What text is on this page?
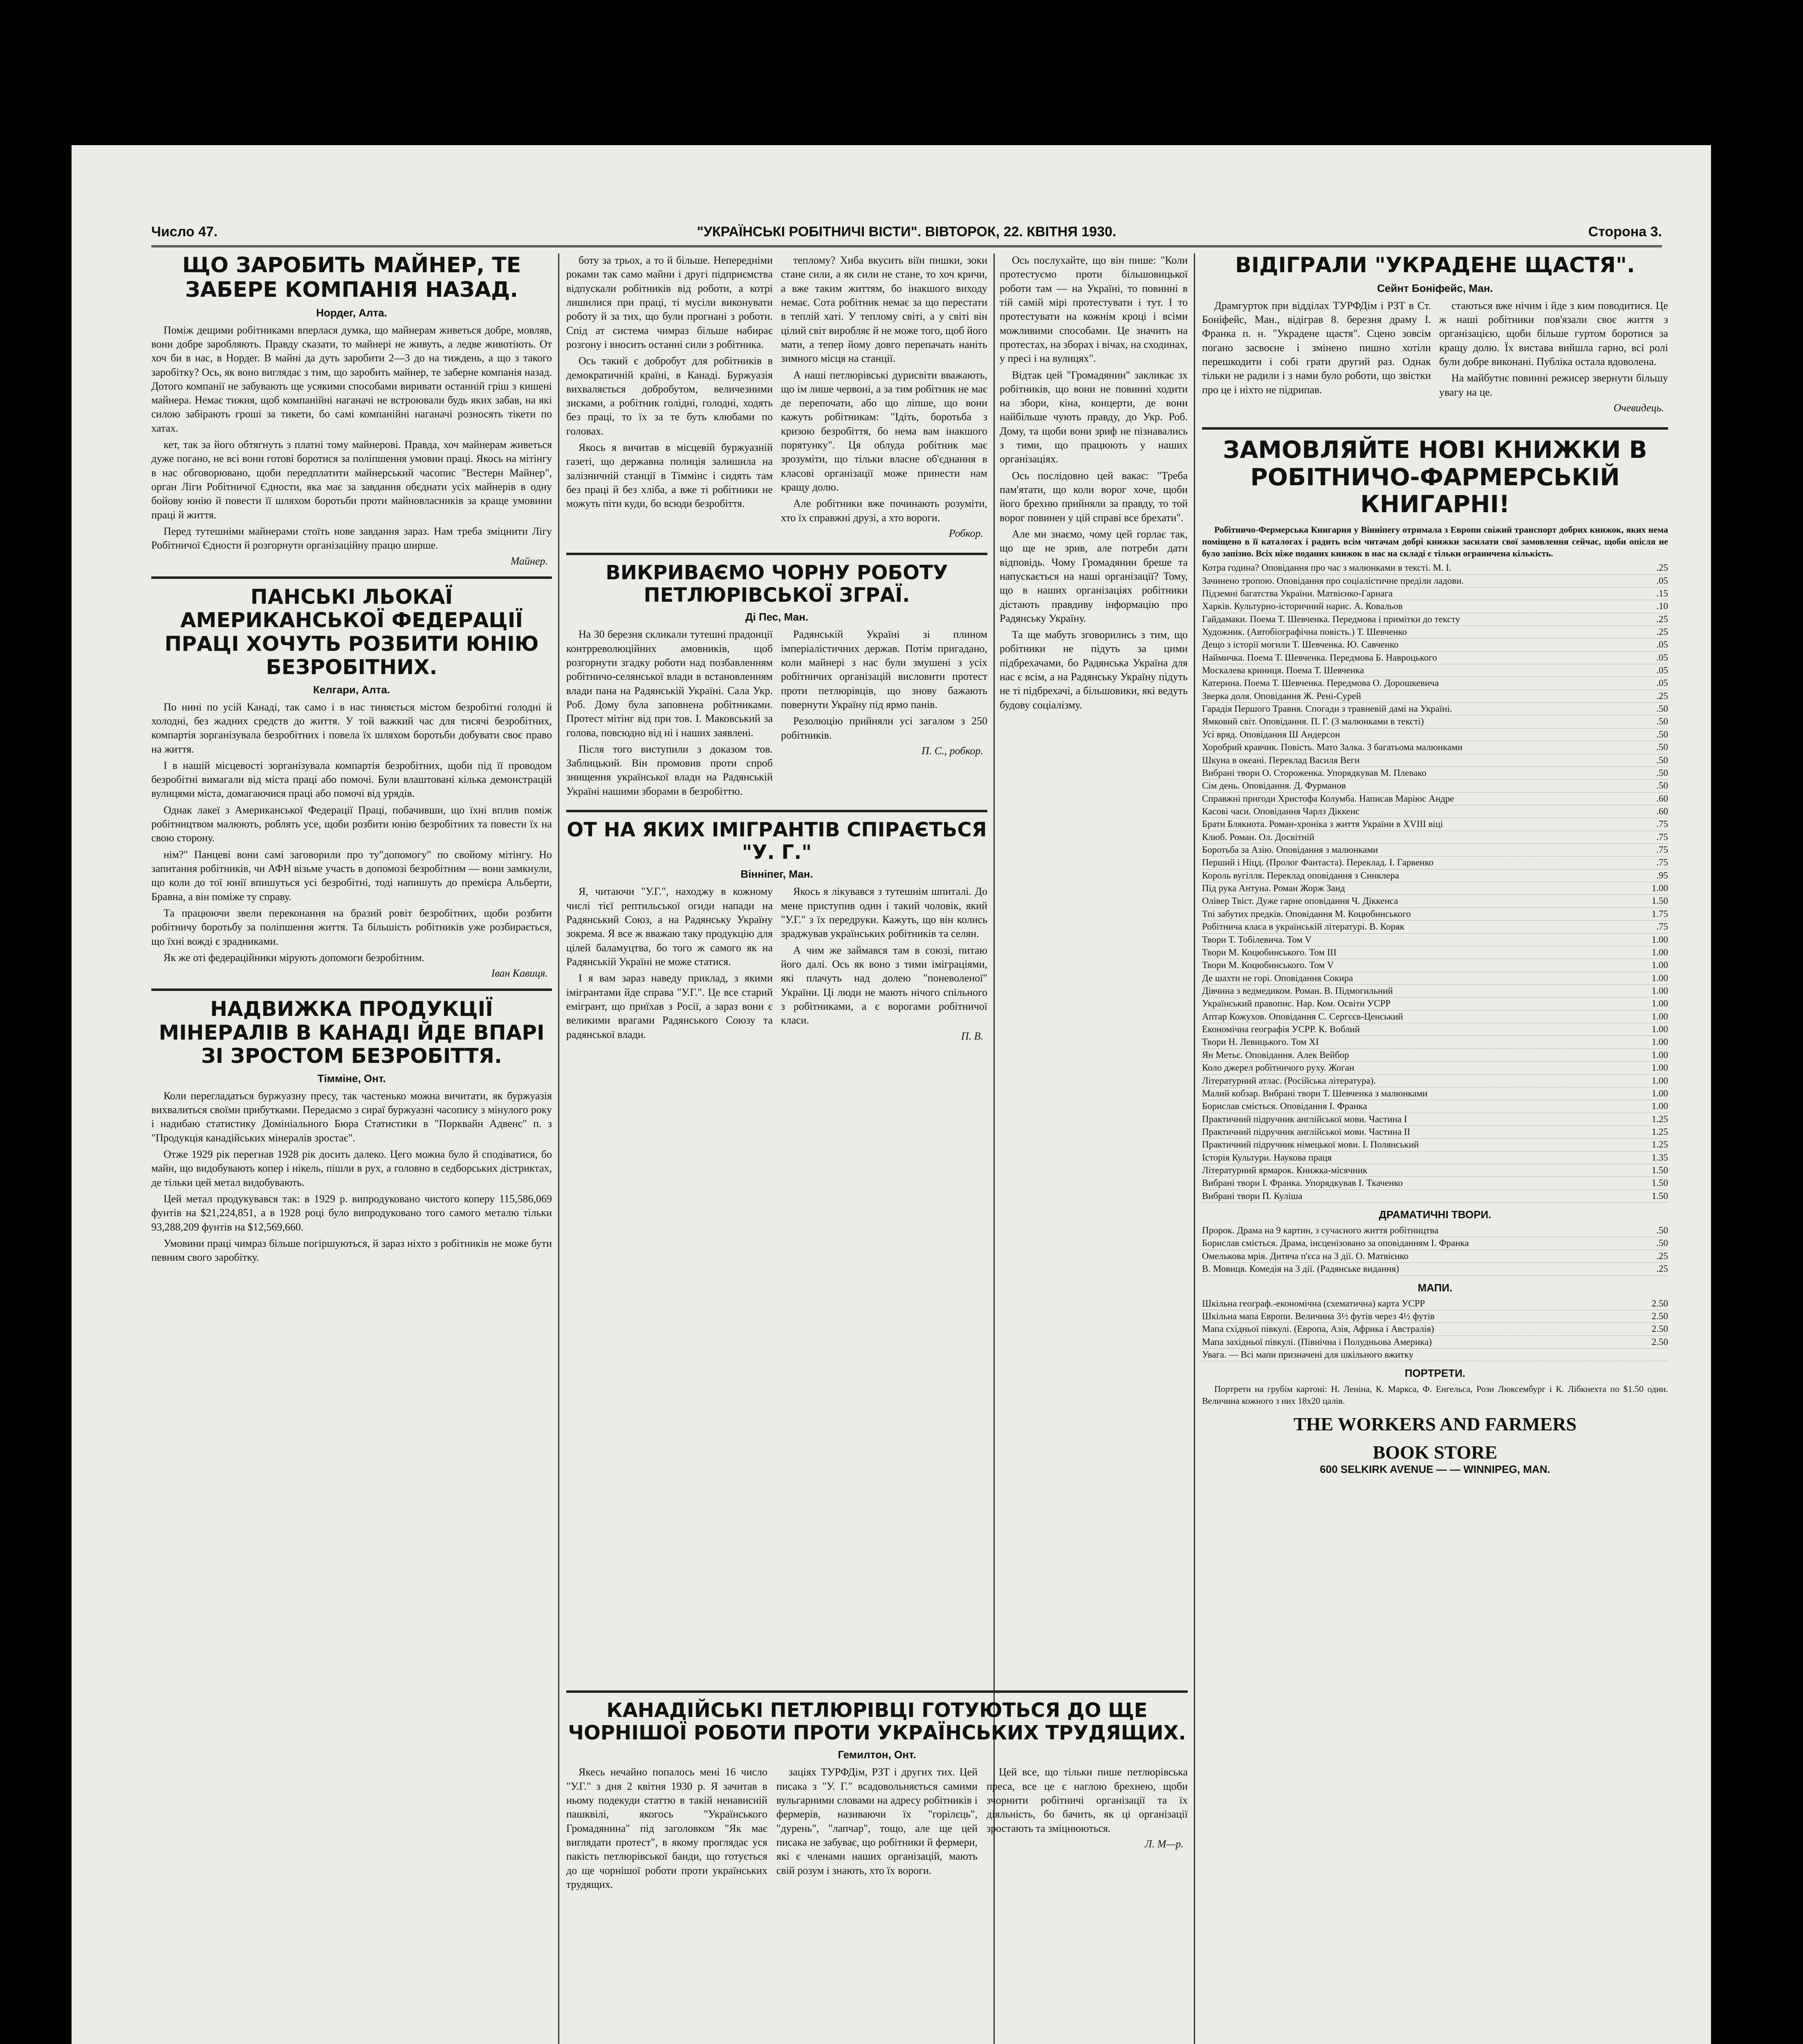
Число 47.	"УКРАЇНСЬКІ РОБІТНИЧІ ВІСТИ". ВІВТОРОК, 22. КВІТНЯ 1930.	Сторона 3.
ЩО ЗАРОБИТЬ МАЙНЕР, ТЕ ЗАБЕРЕ КОМПАНІЯ НАЗАД.
Нордег, Алта.

Поміж дещими робітниками вперлася думка, що майнерам живеться добре, мовляв, вони добре заробляють. Правду сказати, то майнері не живуть, а ледве животіють. От хоч би в нас, в Нордег. В майні да дуть заробити 2—3 до на тиждень, а що з такого заробітку? Ось, як воно виглядає з тим, що заробить майнер, те заберне компанія назад. Дотого компанії не забувають ще усякими способами виривати останній гріш з кишені майнера. Немає тижня, щоб компанійні наганачі не встроювали будь яких забав, на які силою забірають гроші за тикети, бо самі компанійні наганачі розносять тікети по хатах.

кет, так за його обтягнуть з платні тому майнерові. Правда, хоч майнерам живеться дуже погано, не всі вони готові боротися за поліпшення умовин праці. Якось на мітінгу в нас обговорювано, щоби передплатити майнерський часопис "Вестерн Майнер", орган Ліги Робітничої Єдности, яка має за завдання обєднати усіх майнерів в одну бойову юнію й повести її шляхом боротьби проти майновласників за краще умовини праці й життя.

Перед тутешніми майнерами стоїть нове завдання зараз. Нам треба зміцнити Лігу Робітничої Єдности й розгорнути організаційну працю ширше.

Майнер.
ПАНСЬКІ ЛЬОКАЇ АМЕРИКАНСЬКОЇ ФЕДЕРАЦІЇ ПРАЦІ ХОЧУТЬ РОЗБИТИ ЮНІЮ БЕЗРОБІТНИХ.
Келгари, Алта.

По нині по усій Канаді, так само і в нас тиняється містом безробітні голодні й холодні, без жадних средств до життя. У той важкий час для тисячі безробітних, компартія зорганізувала безробітних і повела їх шляхом боротьби добувати своє право на життя.

І в нашій місцевості зорганізувала компартія безробітних, щоби під її проводом безробітні вимагали від міста праці або помочі. Були влаштовані кілька демонстрацій вулицями міста, домагаючися праці або помочі від урядів.

Однак лакеї з Американської Федерації Праці, побачивши, що їхні вплив поміж робітництвом малюють, роблять усе, щоби розбити юнію безробітних та повести їх на свою сторону.

нім?" Панцеві вони самі заговорили про ту"допомогу" по свойому мітінгу. Но запитання робітників, чи АФН візьме участь в допомозі безробітним — вони замкнули, що коли до тої юнії впишуться усі безробітні, тоді напишуть до премієра Альберти, Бравна, а він поміже ту справу.

Та працюючи звели переконання на бразий ровіт безробітних, щоби розбити робітничу боротьбу за поліпшення життя. Та більшість робітників уже розбирається, що їхні вожді є зрадниками.

Як же оті федераційники мірують допомоги безробітним.

Іван Кавиця.
НАДВИЖКА ПРОДУКЦІЇ МІНЕРАЛІВ В КАНАДІ ЙДЕ ВПАРІ ЗІ ЗРОСТОМ БЕЗРОБІТТЯ.
Тімміне, Онт.

Коли перегладаться буржуазну пресу, так частенько можна вичитати, як буржуазія вихвалиться своїми прибутками. Передаємо з сираї буржуазні часопису з мінулого року і надибаю статистику Домініального Бюра Статистики в "Порквайн Адвенс" п. з "Продукція канадійських мінералів зростає".

Отже 1929 рік перегнав 1928 рік досить далеко. Цего можна було й сподіватися, бо майн, що видобувають копер і нікель, пішли в рух, а головно в седборських дістриктах, де тільки цей метал видобувають.

Цей метал продукувався так: в 1929 р. випродуковано чистого коперу 115,586,069 фунтів на $21,224,851, а в 1928 році було випродуковано того самого металю тільки 93,288,209 фунтів на $12,569,660.

Умовини праці чимраз більше погіршуються, й зараз ніхто з робітників не може бути певним свого заробітку.

боту за трьох, а то й більше. Непередніми роками так само майни і другі підприємства відпускали робітників від роботи, а котрі лишилися при праці, ті мусіли виконувати роботу й за тих, що були прогнані з роботи. Спід ат система чимраз більше набирає розгону і вносить останні сили з робітника.

Ось такий є добробут для робітників в демократичній країні, в Канаді. Буржуазія вихваляється добробутом, величезними зисками, а робітник голідні, голодні, ходять без праці, то їх за те буть клюбами по головах.

Якось я вичитав в місцевій буржуазній газеті, що державна полиція залишила на залізничній станції в Тіммінс і сидять там без праці й без хліба, а вже ті робітники не можуть піти куди, бо всюди безробіття.

теплому? Хиба вкусить віїн пишки, зоки стане сили, а як сили не стане, то хоч кричи, а вже таким життям, бо інакшого виходу немає. Сота робітник немає за що перестати в теплій хаті. У теплому світі, а у світі він цілий світ виробляє й не може того, щоб його мати, а тепер йому довго перепачать наніть зимного місця на станції.

А наші петлюрівські дурисвіти вважають, що ім лише червоні, а за тим робітник не має де перепочати, або що ліпше, що вони кажуть робітникам: "Ідіть, боротьба з кризою безробіття, бо нема вам інакшого порятунку". Ця облуда робітник має зрозуміти, що тільки власне об'єднання в класові організації може принести нам кращу долю.

Але робітники вже починають розуміти, хто їх справжні друзі, а хто вороги.

Робкор.
ВИКРИВАЄМО ЧОРНУ РОБОТУ ПЕТЛЮРІВСЬКОЇ ЗГРАЇ.
Ді Пес, Ман.

На 30 березня скликали тутешні прадонції контрреволюційних амовників, щоб розгорнути згадку роботи над позбавленням робітничо-селянської влади в встановленням влади пана на Радянській Україні. Сала Укр. Роб. Дому була заповнена робітниками. Протест мітінг від при тов. І. Маковський за голова, повсюдно від ні і наших заявлені.

Після того виступили з доказом тов. Заблицький. Він промовив проти спроб знищення української влади на Радянській Україні нашими зборами в безробіттю.

Радянській Україні зі плином імперіалістичних держав. Потім пригадано, коли майнері з нас були змушені з усіх робітничих організацій висловити протест проти петлюрівців, що знову бажають повернути Україну під ярмо панів.

Резолюцію прийняли усі загалом з 250 робітників.

П. С., робкор.
ОТ НА ЯКИХ ІМІГРАНТІВ СПІРАЄТЬСЯ "У. Г."
Вінніпег, Ман.

Я, читаючи "У.Г.", находжу в кожному числі тієї рептильської огиди напади на Радянський Союз, а на Радянську Україну зокрема. Я все ж вважаю таку продукцію для цілей баламуцтва, бо того ж самого як на Радянській Україні не може статися.

І я вам зараз наведу приклад, з якими імігрантами йде справа "У.Г.". Це все старий емігрант, що приїхав з Росії, а зараз вони є великими врагами Радянського Союзу та радянської влади.

Якось я лікувався з тутешнім шпиталі. До мене приступив один і такий чоловік, який "У.Г." з їх передруки. Кажуть, що він колись зраджував українських робітників та селян.

А чим же займався там в союзі, питаю його далі. Ось як воно з тими іміграціями, які плачуть над долею "поневоленої" України. Ці люди не мають нічого спільного з робітниками, а є ворогами робітничої класи.

П. В.

Ось послухайте, що він пише: "Коли протестуємо проти більшовицької роботи там — на Україні, то повинні в тій самій мірі протестувати і тут. І то протестувати на кожнім кроці і всіми можливими способами. Це значить на протестах, на зборах і вічах, на сходинах, у пресі і на вулицях".

Відтак цей "Громадянин" закликає зх робітників, що вони не повинні ходити на збори, кіна, концерти, де вони найбільше чують правду, до Укр. Роб. Дому, та щоби вони зриф не пізнавались з тими, що працюють у наших організаціях.

Ось послідовно цей вакає: "Треба пам'ятати, що коли ворог хоче, щоби його брехню прийняли за правду, то той ворог повинен у цій справі все брехати".

Але ми знаємо, чому цей горлає так, що ще не зрив, але потреби дати відповідь. Чому Громадянин бреше та напускається на наші організації? Тому, що в наших організаціях робітники дістають правдиву інформацію про Радянську Україну.

Та ще мабуть зговорились з тим, що робітники не підуть за цими підбрехачами, бо Радянська Україна для нас є всім, а на Радянську Україну підуть не ті підбрехачі, а більшовики, які ведуть будову соціалізму.

КАНАДІЙСЬКІ ПЕТЛЮРІВЦІ ГОТУЮТЬСЯ ДО ЩЕ ЧОРНІШОЇ РОБОТИ ПРОТИ УКРАЇНСЬКИХ ТРУДЯЩИХ.
Гемилтон, Онт.

Якесь нечайно попалось мені 16 число "У.Г." з дня 2 квітня 1930 р. Я зачитав в ньому подекуди статтю в такій ненависній пашквілі, якогось "Українського Громадянина" під заголовком "Як має виглядати протест", в якому проглядає уся пакість петлюрівської банди, що готується до ще чорнішої роботи проти українських трудящих.

заціях ТУРФДім, РЗТ і других тих. Цей писака з "У. Г." всадовольняється самими вульгарними словами на адресу робітників і фермерів, називаючи їх "горілєць", "дурень", "лапчар", тощо, але ще цей писака не забуває, що робітники й фермери, які є членами наших організацій, мають свій розум і знають, хто їх вороги.

Цей все, що тільки пише петлюрівська преса, все це є наглою брехнею, щоби зчорнити робітничі організації та їх діяльність, бо бачить, як ці організації зростають та зміцнюються.

Л. М—р.
ВІДІГРАЛИ "УКРАДЕНЕ ЩАСТЯ".
Сейнт Боніфейс, Ман.

Драмгурток при відділах ТУРФДім і РЗТ в Ст. Боніфейс, Ман., відіграв 8. березня драму І. Франка п. н. "Украдене щастя". Сцено зовсім погано засвоєне і змінено пишно хотіли перешкодити і собі грати другий раз. Однак тільки не радили і з нами було роботи, що звістки про це і ніхто не підрипав.

стаються вже нічим і йде з ким поводитися. Це ж наші робітники пов'язали своє життя з організацією, щоби більше гуртом боротися за кращу долю. Їх вистава вийшла гарно, всі ролі були добре виконані. Публіка остала вдоволена.

На майбутнє повинні режисер звернути більшу увагу на це.

Очевидець.
ЗАМОВЛЯЙТЕ НОВІ КНИЖКИ В РОБІТНИЧО-ФАРМЕРСЬКІЙ КНИГАРНІ!

Робітничо-Фермерська Книгарня у Вінніпегу отримала з Европи свіжий транспорт добрих книжок, яких нема поміщено в її каталогах і радить всім читачам добрі книжки засилати свої замовлення сейчас, щоби опісля не було запізно. Всіх ніже поданих книжок в нас на складі є тільки ограничена кількість.

Котра година? Оповідання про час з малюнками в тексті. М. І.	.25
Зачинено тропою. Оповідання про соціалістичне преділи ладови.	.05
Підземні багатства України. Матвієнко-Гарнага	.15
Харків. Культурно-історичний нарис. А. Ковальов	.10
Гайдамаки. Поема Т. Шевченка. Передмова і примітки до тексту	.25
Художник. (Автобіографічна повість.) Т. Шевченко	.25
Дещо з історії могили Т. Шевченка. Ю. Савченко	.05
Наймичка. Поема Т. Шевченка. Передмова Б. Навроцького	.05
Москалева криниця. Поема Т. Шевченка	.05
Катерина. Поема Т. Шевченка. Передмова О. Дорошкевича	.05
Зверка доля. Оповідання Ж. Рені-Сурей	.25
Гарадія Першого Травня. Спогади з травневій дамі на Україні.	.50
Ямковий світ. Оповідання. П. Г. (3 малюнками в тексті)	.50
Усі вряд. Оповідання Ш Андерсон	.50
Хоробрий кравчик. Повість. Мато Залка. З багатьома малюнками	.50
Шкуна в океані. Переклад Василя Веги	.50
Вибрані твори О. Стороженка. Упорядкував М. Плевако	.50
Сім день. Оповідання. Д. Фурманов	.50
Справжні пригоди Христофа Колумба. Написав Маріюс Андре	.60
Касові часи. Оповідання Чарлз Діккенс	.60
Брати Блякиота. Роман-хроніка з життя України в XVIII віці	.75
Клюб. Роман. Ол. Досвітній	.75
Боротьба за Азію. Оповідання з малюнками	.75
Перший і Ніцд. (Пролог Фантаста). Переклад. І. Гарвенко	.75
Король вугілля. Переклад оповідання з Синклера	.95
Під рука Антуна. Роман Жорж Занд	1.00
Олівер Твіст. Дуже гарне оповідання Ч. Діккенса	1.50
Тпі забутих предків. Оповідання М. Коцюбинського	1.75
Робітнича класа в українській літературі. В. Коряк	.75
Твори Т. Тобілевича. Том V	1.00
Твори М. Коцюбинського. Том III	1.00
Твори М. Коцюбинського. Том V	1.00
Де шахти не горі. Оповідання Сокира	1.00
Дівчина з ведмедиком. Роман. В. Підмогильний	1.00
Український правопис. Нар. Ком. Освіти УСРР	1.00
Аптар Кожухов. Оповідання С. Сергєєв-Ценський	1.00
Економічна географія УСРР. К. Воблий	1.00
Твори Н. Левицького. Том XI	1.00
Ян Метьє. Оповідання. Алек Вейбор	1.00
Коло джерел робітничого руху. Жоган	1.00
Літературний атлас. (Російська література).	1.00
Малий кобзар. Вибрані твори Т. Шевченка з малюнками	1.00
Борислав сміється. Оповідання І. Франка	1.00
Практичний підручник англійської мови. Частина I	1.25
Практичний підручник англійської мови. Частина II	1.25
Практичний підручник німецької мови. І. Полянський	1.25
Історія Культури. Наукова праця	1.35
Літературний ярмарок. Книжка-місячник	1.50
Вибрані твори І. Франка. Упорядкував І. Ткаченко	1.50
Вибрані твори П. Куліша	1.50
ДРАМАТИЧНІ ТВОРИ.
Пророк. Драма на 9 картин, з сучасного життя робітництва	.50
Борислав сміється. Драма, інсценізовано за оповіданням І. Франка	.50
Омелькова мрія. Дитяча п'єса на 3 дії. О. Матвієнко	.25
В. Мовиця. Комедія на 3 дії. (Радянське видання)	.25
МАПИ.
Шкільна географ.-економічна (схематична) карта УСРР	2.50
Шкільна мапа Европи. Величина 3½ футів через 4½ футів	2.50
Мапа східньої півкулі. (Европа, Азія, Африка і Австралія)	2.50
Мапа західньої півкулі. (Північна і Полудньова Америка)	2.50
Увага. — Всі мапи призначені для шкільного вжитку
ПОРТРЕТИ.

Портрети на грубім картоні: Н. Леніна, К. Маркса, Ф. Енгельса, Рози Люксембург і К. Лібкнехта по $1.50 один. Величина кожного з них 18х20 цалів.

THE WORKERS AND FARMERS
BOOK STORE
600 SELKIRK AVENUE — — WINNIPEG, MAN.
